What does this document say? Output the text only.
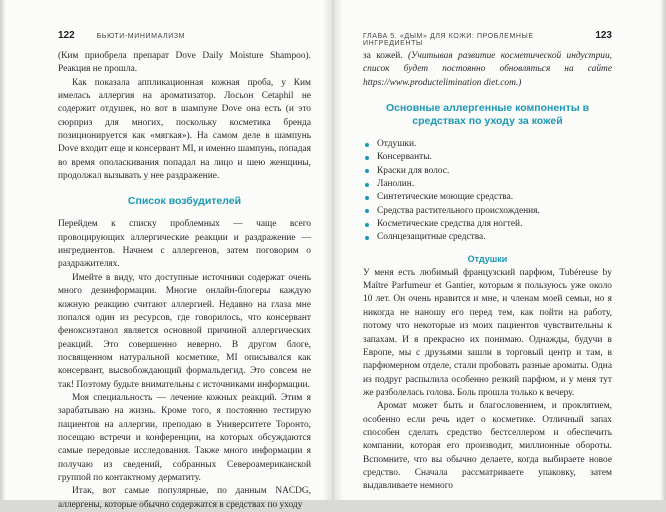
122	БЬЮТИ-МИНИМАЛИЗМ

(Ким приобрела препарат Dove Daily Moisture Shampoo). Реакция не прошла.

Как показала аппликационная кожная проба, у Ким имелась аллергия на ароматизатор. Лосьон Cetaphil не содержит отдушек, но вот в шампуне Dove она есть (и это сюрприз для многих, поскольку косметика бренда позиционируется как «мягкая»). На самом деле в шампунь Dove входит еще и консервант MI, и именно шампунь, попадая во время ополаскивания попадал на лицо и шею женщины, продолжал вызывать у нее раздражение.

Список возбудителей

Перейдем к списку проблемных — чаще всего провоцирующих аллергические реакции и раздражение — ингредиентов. Начнем с аллергенов, затем поговорим о раздражителях.

Имейте в виду, что доступные источники содержат очень много дезинформации. Многие онлайн-блогеры каждую кожную реакцию считают аллергией. Недавно на глаза мне попался один из ресурсов, где говорилось, что консервант феноксиэтанол является основной причиной аллергических реакций. Это совершенно неверно. В другом блоге, посвященном натуральной косметике, MI описывался как консервант, высвобождающий формальдегид. Это совсем не так! Поэтому будьте внимательны с источниками информации.

Моя специальность — лечение кожных реакций. Этим я зарабатываю на жизнь. Кроме того, я постоянно тестирую пациентов на аллергии, преподаю в Университете Торонто, посещаю встречи и конференции, на которых обсуждаются самые передовые исследования. Также много информации я получаю из сведений, собранных Североамериканской группой по контактному дерматиту.

Итак, вот самые популярные, по данным NACDG, аллергены, которые обычно содержатся в средствах по уходу

ГЛАВА 5. «ДЫМ» ДЛЯ КОЖИ: ПРОБЛЕМНЫЕ ИНГРЕДИЕНТЫ
123

за кожей. (Учитывая развитие косметической индустрии, список будет постоянно обновляться на сайте https://www.productelimination diet.com.)

Основные аллергенные компоненты в средствах по уходу за кожей
Отдушки.
Консерванты.
Краски для волос.
Ланолин.
Синтетические моющие средства.
Средства растительного происхождения.
Косметические средства для ногтей.
Солнцезащитные средства.
Отдушки

У меня есть любимый французский парфюм, Tubéreuse by Maître Parfumeur et Gantier, которым я пользуюсь уже около 10 лет. Он очень нравится и мне, и членам моей семьи, но я никогда не наношу его перед тем, как пойти на работу, потому что некоторые из моих пациентов чувствительны к запахам. И я прекрасно их понимаю. Однажды, будучи в Европе, мы с друзьями зашли в торговый центр и там, в парфюмерном отделе, стали пробовать разные ароматы. Одна из подруг распылила особенно резкий парфюм, и у меня тут же разболелась голова. Боль прошла только к вечеру.

Аромат может быть и благословением, и проклятием, особенно если речь идет о косметике. Отличный запах способен сделать средство бестселлером и обеспечить компании, которая его производит, миллионные обороты. Вспомните, что вы обычно делаете, когда выбираете новое средство. Сначала рассматриваете упаковку, затем выдавливаете немного
